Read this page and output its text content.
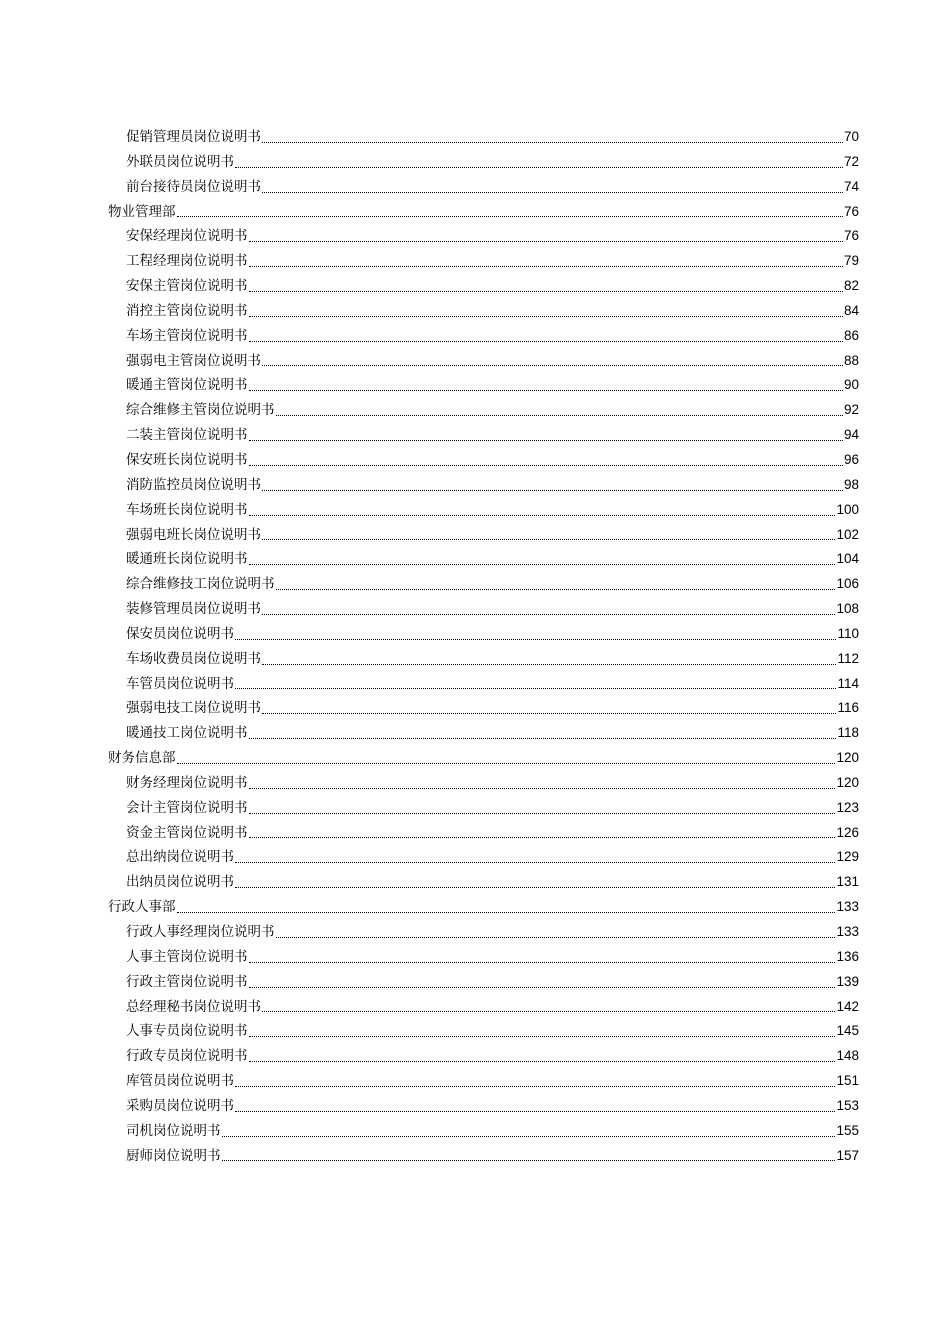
促销管理员岗位说明书	70
外联员岗位说明书	72
前台接待员岗位说明书	74
物业管理部	76
安保经理岗位说明书	76
工程经理岗位说明书	79
安保主管岗位说明书	82
消控主管岗位说明书	84
车场主管岗位说明书	86
强弱电主管岗位说明书	88
暖通主管岗位说明书	90
综合维修主管岗位说明书	92
二装主管岗位说明书	94
保安班长岗位说明书	96
消防监控员岗位说明书	98
车场班长岗位说明书	100
强弱电班长岗位说明书	102
暖通班长岗位说明书	104
综合维修技工岗位说明书	106
装修管理员岗位说明书	108
保安员岗位说明书	110
车场收费员岗位说明书	112
车管员岗位说明书	114
强弱电技工岗位说明书	116
暖通技工岗位说明书	118
财务信息部	120
财务经理岗位说明书	120
会计主管岗位说明书	123
资金主管岗位说明书	126
总出纳岗位说明书	129
出纳员岗位说明书	131
行政人事部	133
行政人事经理岗位说明书	133
人事主管岗位说明书	136
行政主管岗位说明书	139
总经理秘书岗位说明书	142
人事专员岗位说明书	145
行政专员岗位说明书	148
库管员岗位说明书	151
采购员岗位说明书	153
司机岗位说明书	155
厨师岗位说明书	157
